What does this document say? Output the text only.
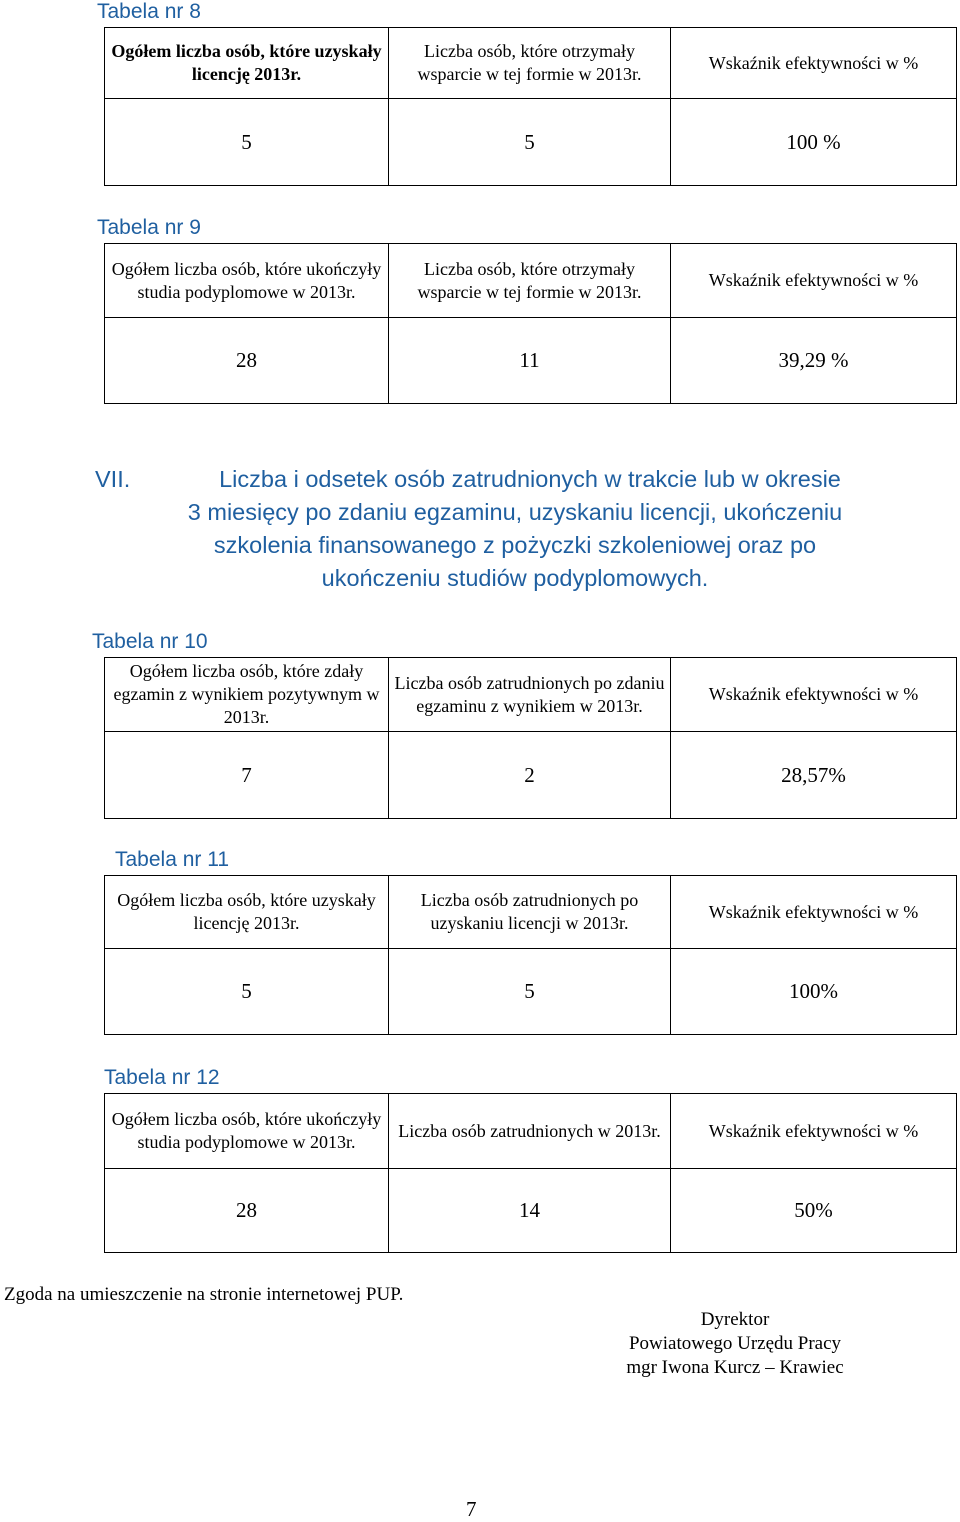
Tabela nr 8
Ogółem liczba osób, które uzyskały licencję 2013r.	Liczba osób, które otrzymały wsparcie w tej formie w 2013r.	Wskaźnik efektywności w %
5	5	100 %
Tabela nr 9
Ogółem liczba osób, które ukończyły studia podyplomowe w 2013r.	Liczba osób, które otrzymały wsparcie w tej formie w 2013r.	Wskaźnik efektywności w %
28	11	39,29 %
VII.	Liczba i odsetek osób zatrudnionych w trakcie lub w okresie

3 miesięcy po zdaniu egzaminu, uzyskaniu licencji, ukończeniu

szkolenia finansowanego z pożyczki szkoleniowej oraz po

ukończeniu studiów podyplomowych.

Tabela nr 10
Ogółem liczba osób, które zdały egzamin z wynikiem pozytywnym w 2013r.	Liczba osób zatrudnionych po zdaniu egzaminu z wynikiem w 2013r.	Wskaźnik efektywności w %
7	2	28,57%
Tabela nr 11
Ogółem liczba osób, które uzyskały licencję 2013r.	Liczba osób zatrudnionych po uzyskaniu licencji w 2013r.	Wskaźnik efektywności w %
5	5	100%
Tabela nr 12
Ogółem liczba osób, które ukończyły studia podyplomowe w 2013r.	Liczba osób zatrudnionych w 2013r.	Wskaźnik efektywności w %
28	14	50%
Zgoda na umieszczenie na stronie internetowej PUP.
Dyrektor
Powiatowego Urzędu Pracy
mgr Iwona Kurcz – Krawiec
7
